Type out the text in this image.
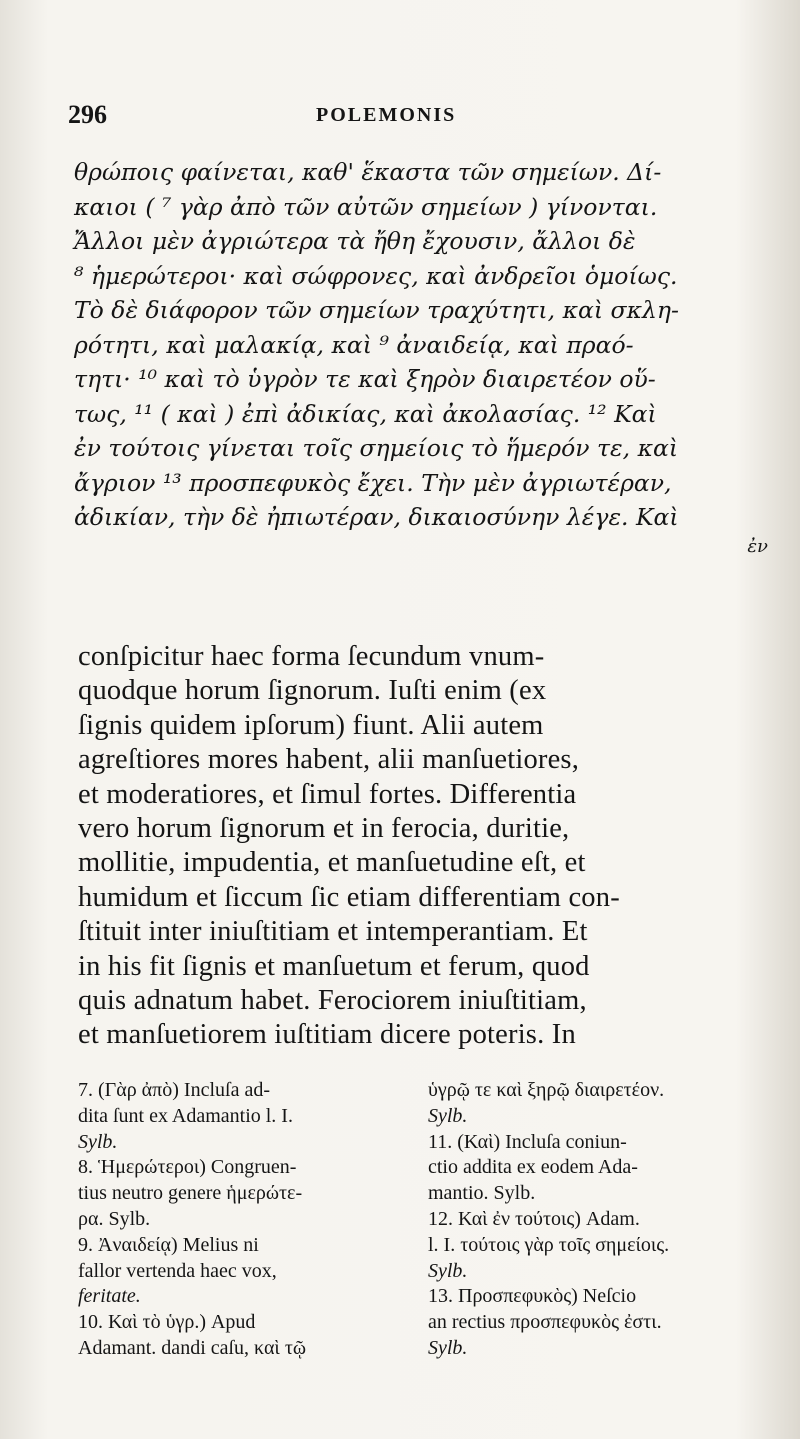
296	POLEMONIS
θρώποις φαίνεται, καθ' ἕκαστα τῶν σημείων. Δί-
καιοι ( ⁷ γὰρ ἀπὸ τῶν αὐτῶν σημείων ) γίνονται.
Ἄλλοι μὲν ἀγριώτερα τὰ ἤθη ἔχουσιν, ἄλλοι δὲ
⁸ ἡμερώτεροι· καὶ σώφρονες, καὶ ἀνδρεῖοι ὁμοίως.
Τὸ δὲ διάφορον τῶν σημείων τραχύτητι, καὶ σκλη-
ρότητι, καὶ μαλακίᾳ, καὶ ⁹ ἀναιδείᾳ, καὶ πραό-
τητι· ¹⁰ καὶ τὸ ὑγρὸν τε καὶ ξηρὸν διαιρετέον οὕ-
τως, ¹¹ ( καὶ ) ἐπὶ ἀδικίας, καὶ ἀκολασίας. ¹² Καὶ
ἐν τούτοις γίνεται τοῖς σημείοις τὸ ἥμερόν τε, καὶ
ἄγριον ¹³ προσπεφυκὸς ἔχει. Τὴν μὲν ἀγριωτέραν,
ἀδικίαν, τὴν δὲ ἠπιωτέραν, δικαιοσύνην λέγε. Καὶ
ἐν
conſpicitur haec forma ſecundum vnum-
quodque horum ſignorum. Iuſti enim (ex
ſignis quidem ipſorum) fiunt. Alii autem
agreſtiores mores habent, alii manſuetiores,
et moderatiores, et ſimul fortes. Differentia
vero horum ſignorum et in ferocia, duritie,
mollitie, impudentia, et manſuetudine eſt, et
humidum et ſiccum ſic etiam differentiam con-
ſtituit inter iniuſtitiam et intemperantiam. Et
in his fit ſignis et manſuetum et ferum, quod
quis adnatum habet. Ferociorem iniuſtitiam,
et manſuetiorem iuſtitiam dicere poteris. In
7. (Γὰρ ἀπὸ) Incluſa ad-
dita ſunt ex Adamantio l. I.
Sylb.
8. Ἡμερώτεροι) Congruen-
tius neutro genere ἡμερώτε-
ρα. Sylb.
9. Ἀναιδείᾳ) Melius ni
fallor vertenda haec vox,
feritate.
10. Καὶ τὸ ὑγρ.) Apud
Adamant. dandi caſu, καὶ τῷ
ὑγρῷ τε καὶ ξηρῷ διαιρετέον.
Sylb.
11. (Καὶ) Incluſa coniun-
ctio addita ex eodem Ada-
mantio. Sylb.
12. Καὶ ἐν τούτοις) Adam.
l. I. τούτοις γὰρ τοῖς σημείοις.
Sylb.
13. Προσπεφυκὸς) Neſcio
an rectius προσπεφυκὸς ἐστι.
Sylb.
